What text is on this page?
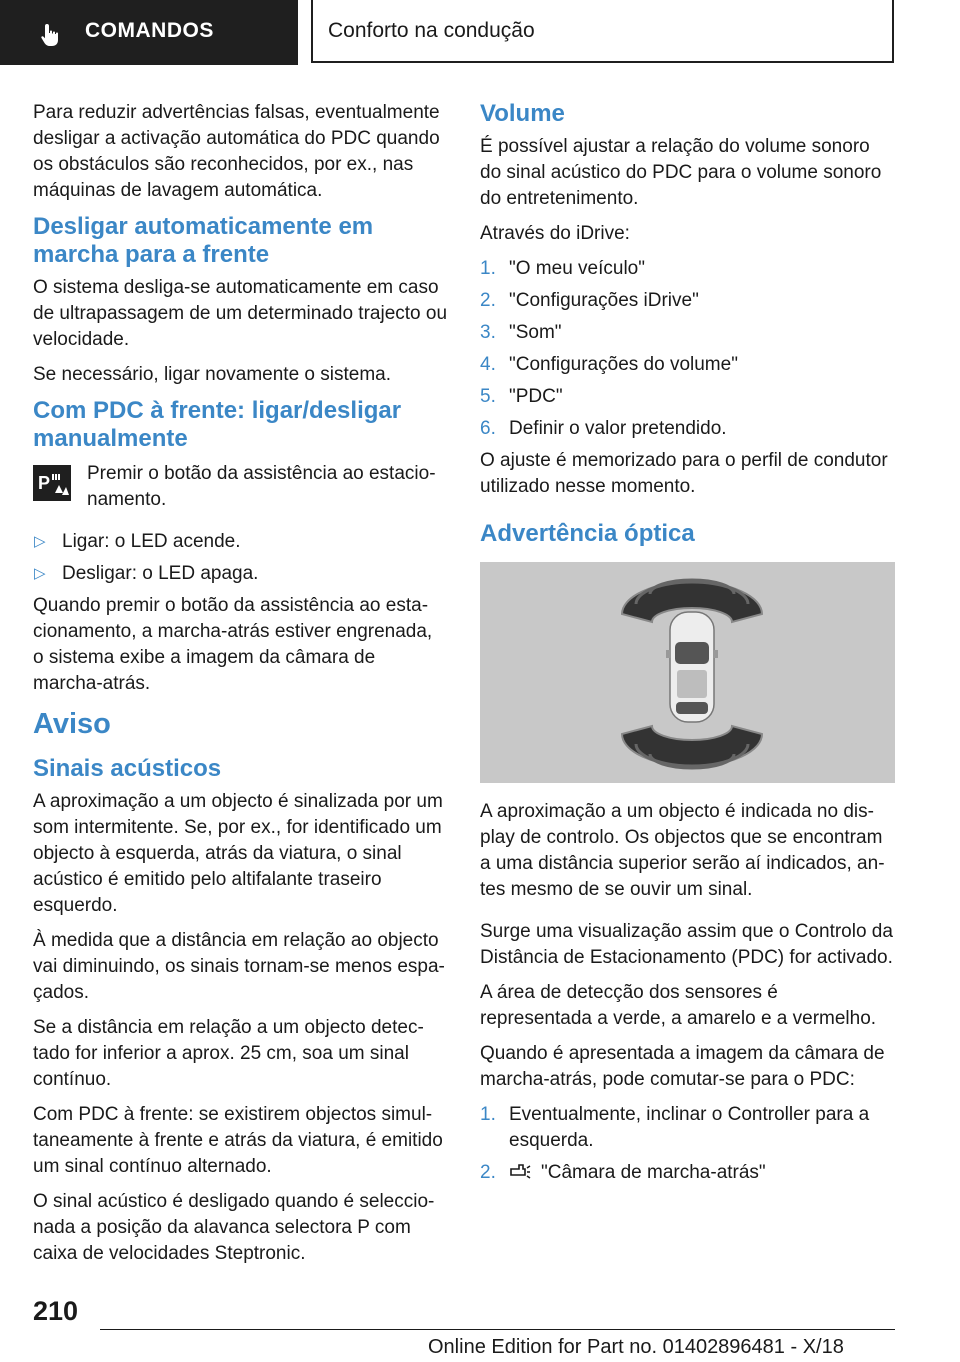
COMANDOS	Conforto na condução

Para reduzir advertências falsas, eventualmente desligar a activação automática do PDC quando os obstáculos são reconhecidos, por ex., nas máquinas de lavagem automática.

Desligar automaticamente em marcha para a frente

O sistema desliga-se automaticamente em caso de ultrapassagem de um determinado trajecto ou velocidade.

Se necessário, ligar novamente o sistema.

Com PDC à frente: ligar/desligar manualmente
P Premir o botão da assistência ao estacionamento.

▷ Ligar: o LED acende.
▷ Desligar: o LED apaga.

Quando premir o botão da assistência ao estacionamento, a marcha-atrás estiver engrenada, o sistema exibe a imagem da câmara de marcha-atrás.

Aviso
Sinais acústicos

A aproximação a um objecto é sinalizada por um som intermitente. Se, por ex., for identificado um objecto à esquerda, atrás da viatura, o sinal acústico é emitido pelo altifalante traseiro esquerdo.

À medida que a distância em relação ao objecto vai diminuindo, os sinais tornam-se menos espaçados.

Se a distância em relação a um objecto detectado for inferior a aprox. 25 cm, soa um sinal contínuo.

Com PDC à frente: se existirem objectos simultaneamente à frente e atrás da viatura, é emitido um sinal contínuo alternado.

O sinal acústico é desligado quando é seleccionada a posição da alavanca selectora P com caixa de velocidades Steptronic.

Volume

É possível ajustar a relação do volume sonoro do sinal acústico do PDC para o volume sonoro do entretenimento.

Através do iDrive:

1. "O meu veículo"
2. "Configurações iDrive"
3. "Som"
4. "Configurações do volume"
5. "PDC"
6. Definir o valor pretendido.

O ajuste é memorizado para o perfil de condutor utilizado nesse momento.

Advertência óptica

A aproximação a um objecto é indicada no display de controlo. Os objectos que se encontram a uma distância superior serão aí indicados, antes mesmo de se ouvir um sinal.

Surge uma visualização assim que o Controlo da Distância de Estacionamento (PDC) for activado.

A área de detecção dos sensores é representada a verde, a amarelo e a vermelho.

Quando é apresentada a imagem da câmara de marcha-atrás, pode comutar-se para o PDC:

1. Eventualmente, inclinar o Controller para a esquerda.
2. "Câmara de marcha-atrás"
210
Online Edition for Part no. 01402896481 - X/18
